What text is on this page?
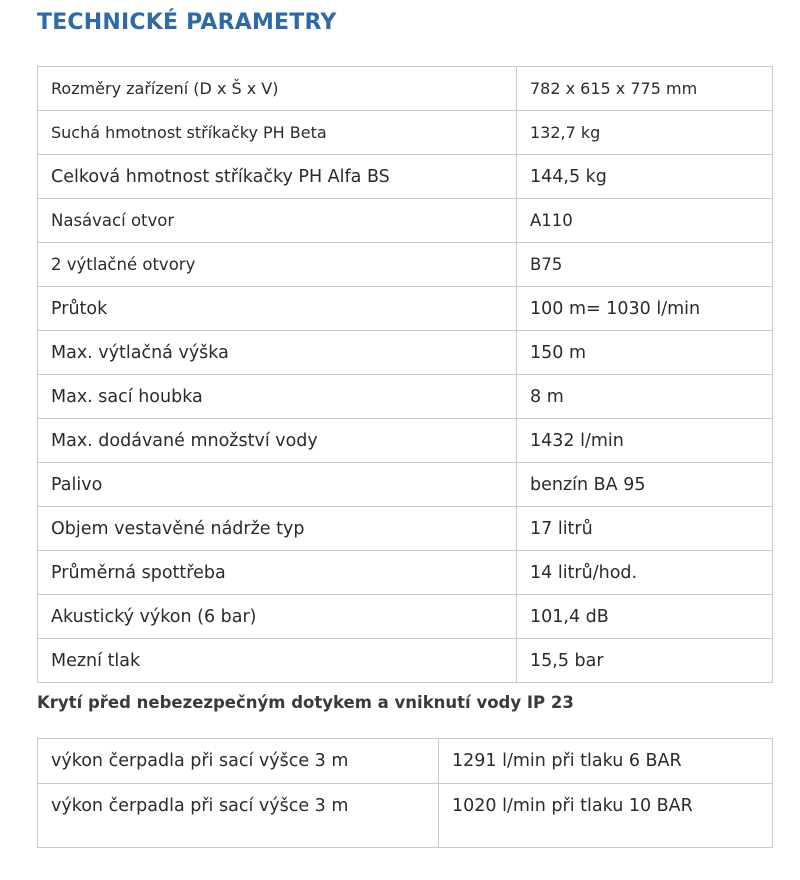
TECHNICKÉ PARAMETRY
Rozměry zařízení (D x Š x V)	782 x 615 x 775 mm
Suchá hmotnost stříkačky PH Beta	132,7 kg
Celková hmotnost stříkačky PH Alfa BS	144,5 kg
Nasávací otvor	A110
2 výtlačné otvory	B75
Průtok	100 m= 1030 l/min
Max. výtlačná výška	150 m
Max. sací houbka	8 m
Max. dodávané množství vody	1432 l/min
Palivo	benzín BA 95
Objem vestavěné nádrže typ	17 litrů
Průměrná spottřeba	14 litrů/hod.
Akustický výkon (6 bar)	101,4 dB
Mezní tlak	15,5 bar

Krytí před nebezezpečným dotykem a vniknutí vody IP 23

výkon čerpadla při sací výšce 3 m	1291 l/min při tlaku 6 BAR
výkon čerpadla při sací výšce 3 m	1020 l/min při tlaku 10 BAR
